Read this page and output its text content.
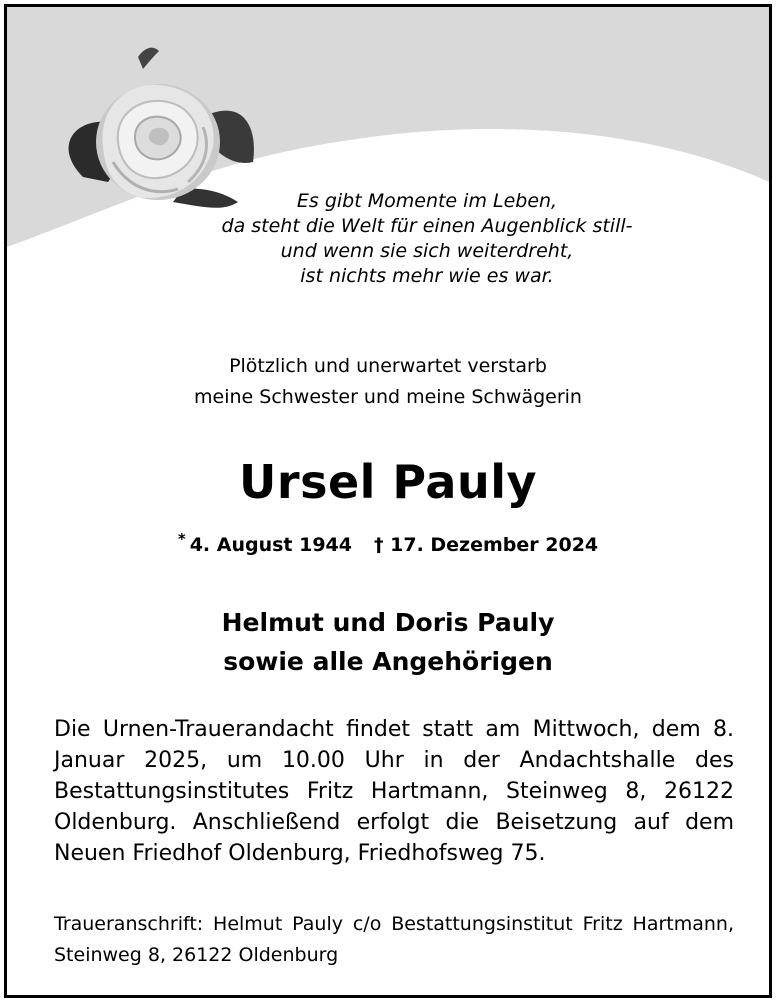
Es gibt Momente im Leben,
da steht die Welt für einen Augenblick still-
und wenn sie sich weiterdreht,
ist nichts mehr wie es war.
Plötzlich und unerwartet verstarb
meine Schwester und meine Schwägerin
Ursel Pauly
* 4. August 1944 † 17. Dezember 2024
Helmut und Doris Pauly
sowie alle Angehörigen
Die Urnen-Trauerandacht findet statt am Mittwoch, dem 8. Januar 2025, um 10.00 Uhr in der Andachtshalle des Bestattungsinstitutes Fritz Hartmann, Steinweg 8, 26122 Oldenburg. Anschließend erfolgt die Beisetzung auf dem Neuen Friedhof Oldenburg, Friedhofsweg 75.
Traueranschrift: Helmut Pauly c/o Bestattungsinstitut Fritz Hartmann, Steinweg 8, 26122 Oldenburg
